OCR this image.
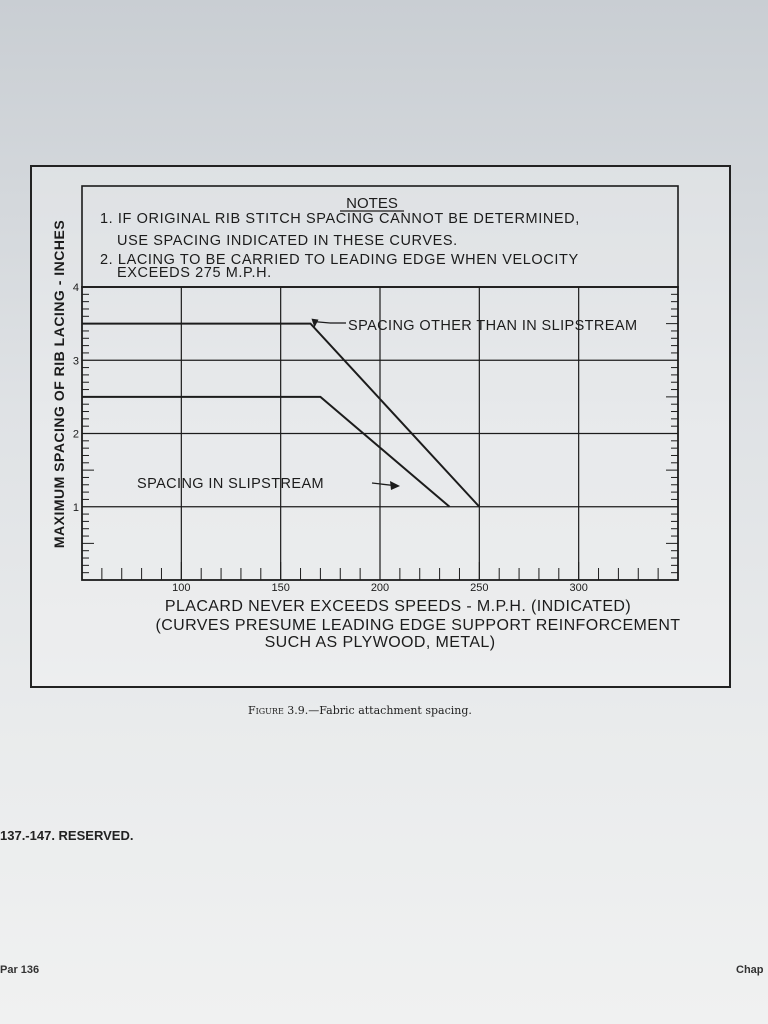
NOTES
1. IF ORIGINAL RIB STITCH SPACING CANNOT BE DETERMINED,
USE SPACING INDICATED IN THESE CURVES.
2. LACING TO BE CARRIED TO LEADING EDGE WHEN VELOCITY
EXCEEDS 275 M.P.H.
100	150	200	250	300
1
2
3
4
MAXIMUM SPACING OF RIB LACING - INCHES
PLACARD NEVER EXCEEDS SPEEDS - M.P.H. (INDICATED)
(CURVES PRESUME LEADING EDGE SUPPORT REINFORCEMENT
SUCH AS PLYWOOD, METAL)
SPACING OTHER THAN IN SLIPSTREAM
SPACING IN SLIPSTREAM
Figure 3.9.—Fabric attachment spacing.
137.-147. RESERVED.
Par 136	Chap
